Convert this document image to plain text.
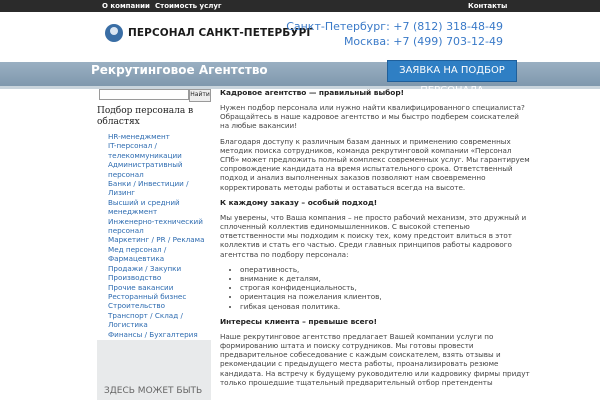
О компании Стоимость услуг	Контакты
ПЕРСОНАЛ САНКТ-ПЕТЕРБУРГ
Санкт-Петербург: +7 (812) 318-48-49
Москва: +7 (499) 703-12-49
Рекрутинговое Агентство	ЗАЯВКА НА ПОДБОР ПЕРСОНАЛА
Найти
Подбор персонала в областях
HR-менеджмент
IT-персонал / телекоммуникации
Административный персонал
Банки / Инвестиции / Лизинг
Высший и средний менеджмент
Инженерно-технический персонал
Маркетинг / PR / Реклама
Мед персонал / Фармацевтика
Продажи / Закупки
Производство
Прочие вакансии
Ресторанный бизнес
Строительство
Транспорт / Склад / Логистика
Финансы / Бухгалтерия
ЗДЕСЬ МОЖЕТ БЫТЬ
Кадровое агентство — правильный выбор!
Нужен подбор персонала или нужно найти квалифицированного специалиста? Обращайтесь в наше кадровое агентство и мы быстро подберем соискателей на любые вакансии!
Благодаря доступу к различным базам данных и применению современных методик поиска сотрудников, команда рекрутинговой компании «Персонал СПб» может предложить полный комплекс современных услуг. Мы гарантируем сопровождение кандидата на время испытательного срока. Ответственный подход и анализ выполненных заказов позволяют нам своевременно корректировать методы работы и оставаться всегда на высоте.
К каждому заказу – особый подход!
Мы уверены, что Ваша компания – не просто рабочий механизм, это дружный и сплоченный коллектив единомышленников. С высокой степенью ответственности мы подходим к поиску тех, кому предстоит влиться в этот коллектив и стать его частью. Среди главных принципов работы кадрового агентства по подбору персонала:
• оперативность,
• внимание к деталям,
• строгая конфиденциальность,
• ориентация на пожелания клиентов,
• гибкая ценовая политика.
Интересы клиента – превыше всего!
Наше рекрутинговое агентство предлагает Вашей компании услуги по формированию штата и поиску сотрудников. Мы готовы провести предварительное собеседование с каждым соискателем, взять отзывы и рекомендации с предыдущего места работы, проанализировать резюме кандидата. На встречу к будущему руководителю или кадровику фирмы придут только прошедшие тщательный предварительный отбор претенденты
